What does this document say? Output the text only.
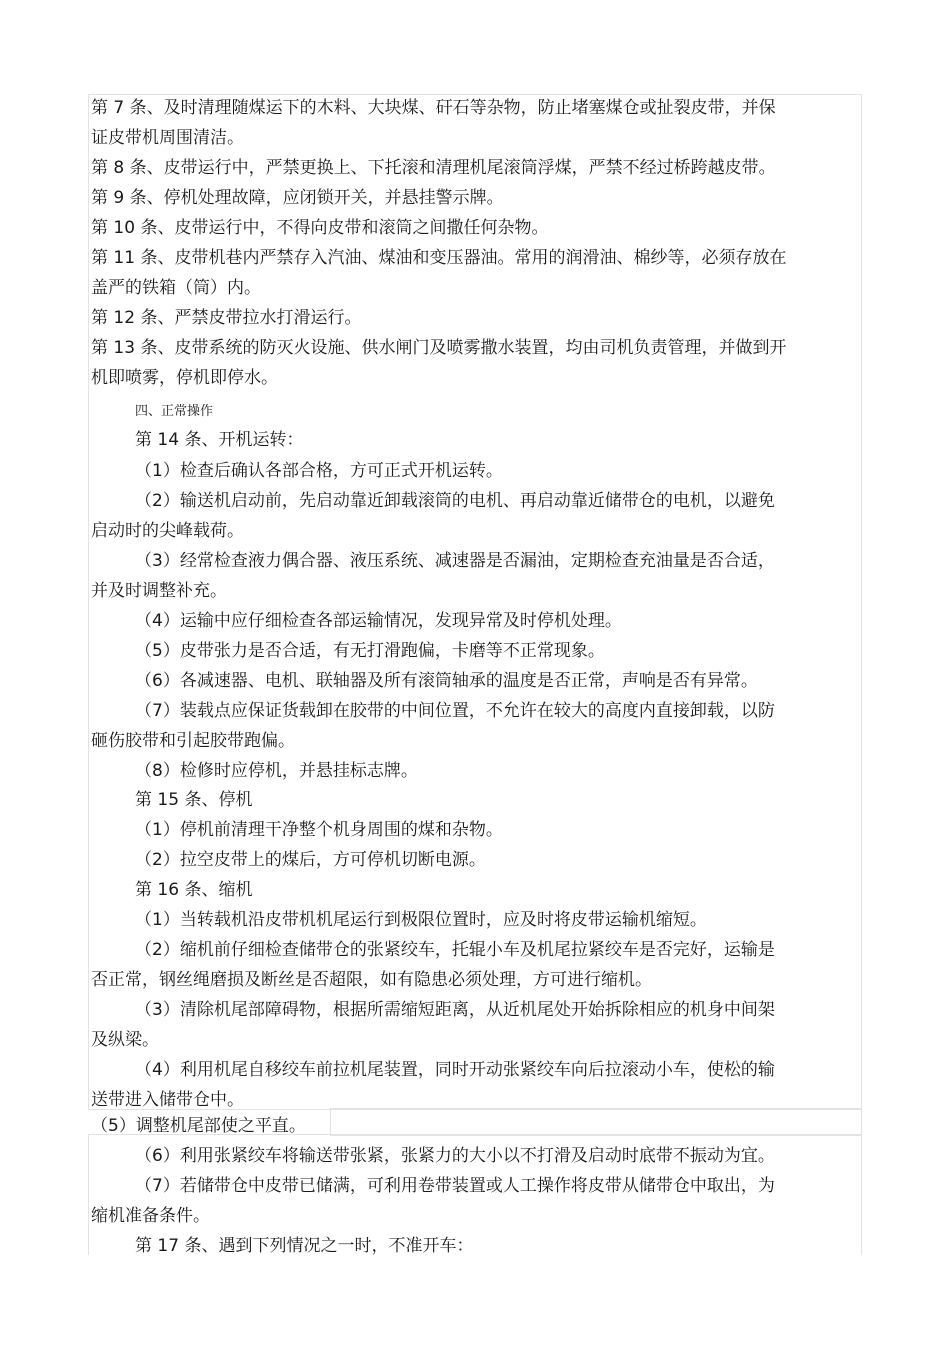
第 7 条、及时清理随煤运下的木料、大块煤、矸石等杂物，防止堵塞煤仓或扯裂皮带，并保
证皮带机周围清洁。
第 8 条、皮带运行中，严禁更换上、下托滚和清理机尾滚筒浮煤，严禁不经过桥跨越皮带。
第 9 条、停机处理故障，应闭锁开关，并悬挂警示牌。
第 10 条、皮带运行中，不得向皮带和滚筒之间撒任何杂物。
第 11 条、皮带机巷内严禁存入汽油、煤油和变压器油。常用的润滑油、棉纱等，必须存放在
盖严的铁箱（筒）内。
第 12 条、严禁皮带拉水打滑运行。
第 13 条、皮带系统的防灭火设施、供水闸门及喷雾撒水装置，均由司机负责管理，并做到开
机即喷雾，停机即停水。
四、正常操作
第 14 条、开机运转：
（1）检查后确认各部合格，方可正式开机运转。
（2）输送机启动前，先启动靠近卸载滚筒的电机、再启动靠近储带仓的电机，以避免
启动时的尖峰载荷。
（3）经常检查液力偶合器、液压系统、减速器是否漏油，定期检查充油量是否合适，
并及时调整补充。
（4）运输中应仔细检查各部运输情况，发现异常及时停机处理。
（5）皮带张力是否合适，有无打滑跑偏，卡磨等不正常现象。
（6）各减速器、电机、联轴器及所有滚筒轴承的温度是否正常，声响是否有异常。
（7）装载点应保证货载卸在胶带的中间位置，不允许在较大的高度内直接卸载，以防
砸伤胶带和引起胶带跑偏。
（8）检修时应停机，并悬挂标志牌。
第 15 条、停机
（1）停机前清理干净整个机身周围的煤和杂物。
（2）拉空皮带上的煤后，方可停机切断电源。
第 16 条、缩机
（1）当转载机沿皮带机机尾运行到极限位置时，应及时将皮带运输机缩短。
（2）缩机前仔细检查储带仓的张紧绞车，托辊小车及机尾拉紧绞车是否完好，运输是
否正常，钢丝绳磨损及断丝是否超限，如有隐患必须处理，方可进行缩机。
（3）清除机尾部障碍物，根据所需缩短距离，从近机尾处开始拆除相应的机身中间架
及纵梁。
（4）利用机尾自移绞车前拉机尾装置，同时开动张紧绞车向后拉滚动小车，使松的输
送带进入储带仓中。
（5）调整机尾部使之平直。
（6）利用张紧绞车将输送带张紧，张紧力的大小以不打滑及启动时底带不振动为宜。
（7）若储带仓中皮带已储满，可利用卷带装置或人工操作将皮带从储带仓中取出，为
缩机准备条件。
第 17 条、遇到下列情况之一时，不准开车：
